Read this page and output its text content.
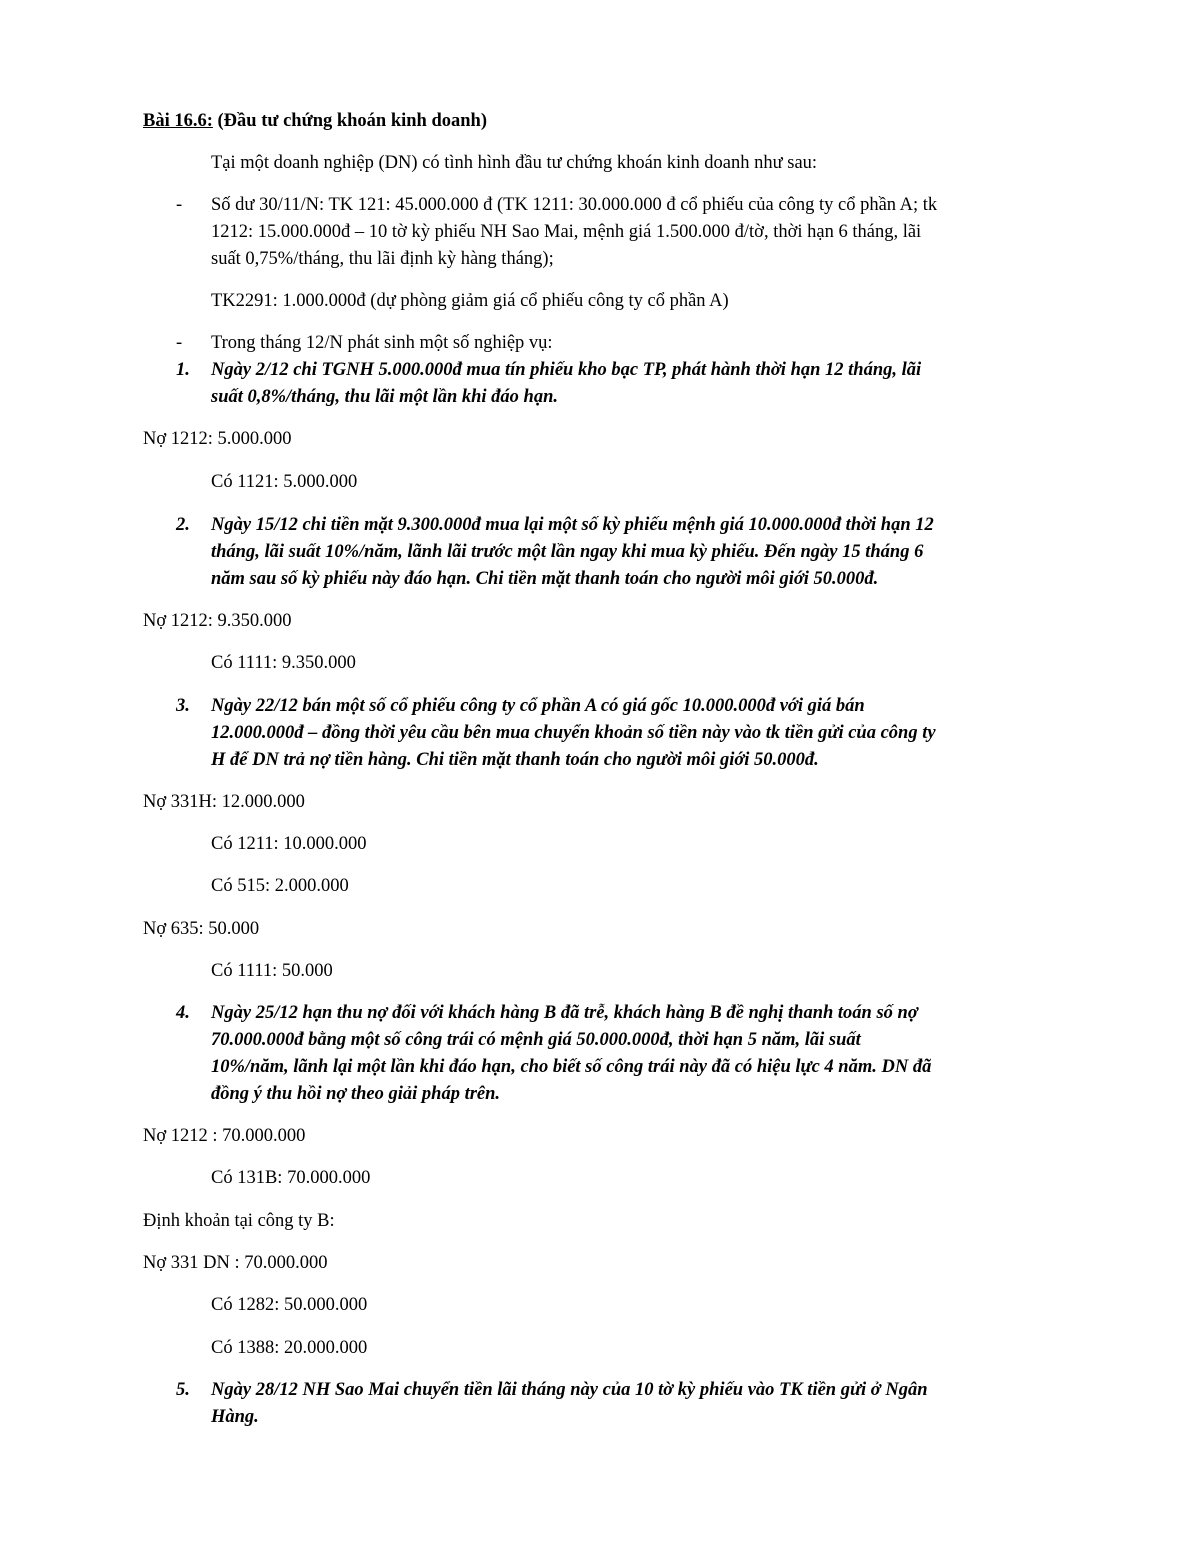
Bài 16.6: (Đầu tư chứng khoán kinh doanh)
Tại một doanh nghiệp (DN) có tình hình đầu tư chứng khoán kinh doanh như sau:
- Số dư 30/11/N: TK 121: 45.000.000 đ (TK 1211: 30.000.000 đ cổ phiếu của công ty cổ phần A; tk
1212: 15.000.000đ – 10 tờ kỳ phiếu NH Sao Mai, mệnh giá 1.500.000 đ/tờ, thời hạn 6 tháng, lãi
suất 0,75%/tháng, thu lãi định kỳ hàng tháng);
TK2291: 1.000.000đ (dự phòng giảm giá cổ phiếu công ty cổ phần A)
- Trong tháng 12/N phát sinh một số nghiệp vụ:
1. Ngày 2/12 chi TGNH 5.000.000đ mua tín phiếu kho bạc TP, phát hành thời hạn 12 tháng, lãi
suất 0,8%/tháng, thu lãi một lần khi đáo hạn.
Nợ 1212: 5.000.000
Có 1121: 5.000.000
2. Ngày 15/12 chi tiền mặt 9.300.000đ mua lại một số kỳ phiếu mệnh giá 10.000.000đ thời hạn 12
tháng, lãi suất 10%/năm, lãnh lãi trước một lần ngay khi mua kỳ phiếu. Đến ngày 15 tháng 6
năm sau số kỳ phiếu này đáo hạn. Chi tiền mặt thanh toán cho người môi giới 50.000đ.
Nợ 1212: 9.350.000
Có 1111: 9.350.000
3. Ngày 22/12 bán một số cổ phiếu công ty cổ phần A có giá gốc 10.000.000đ với giá bán
12.000.000đ – đồng thời yêu cầu bên mua chuyển khoản số tiền này vào tk tiền gửi của công ty
H để DN trả nợ tiền hàng. Chi tiền mặt thanh toán cho người môi giới 50.000đ.
Nợ 331H: 12.000.000
Có 1211: 10.000.000
Có 515: 2.000.000
Nợ 635: 50.000
Có 1111: 50.000
4. Ngày 25/12 hạn thu nợ đối với khách hàng B đã trễ, khách hàng B đề nghị thanh toán số nợ
70.000.000đ bằng một số công trái có mệnh giá 50.000.000đ, thời hạn 5 năm, lãi suất
10%/năm, lãnh lại một lần khi đáo hạn, cho biết số công trái này đã có hiệu lực 4 năm. DN đã
đồng ý thu hồi nợ theo giải pháp trên.
Nợ 1212 : 70.000.000
Có 131B: 70.000.000
Định khoản tại công ty B:
Nợ 331 DN : 70.000.000
Có 1282: 50.000.000
Có 1388: 20.000.000
5. Ngày 28/12 NH Sao Mai chuyển tiền lãi tháng này của 10 tờ kỳ phiếu vào TK tiền gửi ở Ngân
Hàng.
